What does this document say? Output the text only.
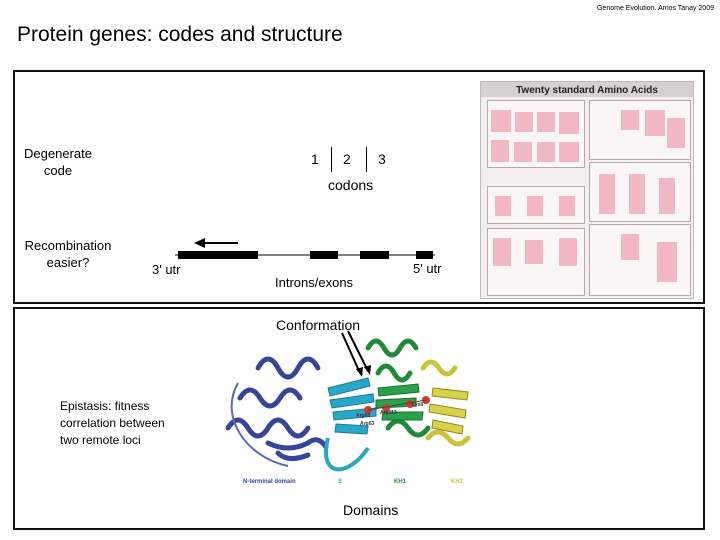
Genome Evolution. Amos Tanay 2009
Protein genes: codes and structure
Degenerate
code
Recombination
easier?
1 2 3
codons
3' utr
Introns/exons
5' utr
Twenty standard Amino Acids
Conformation

Epistasis: fitness
correlation between
two remote loci

Arg68 Arg113
Arg63
Lys8
N-terminal domain	S	KH1	KH2
Domains
